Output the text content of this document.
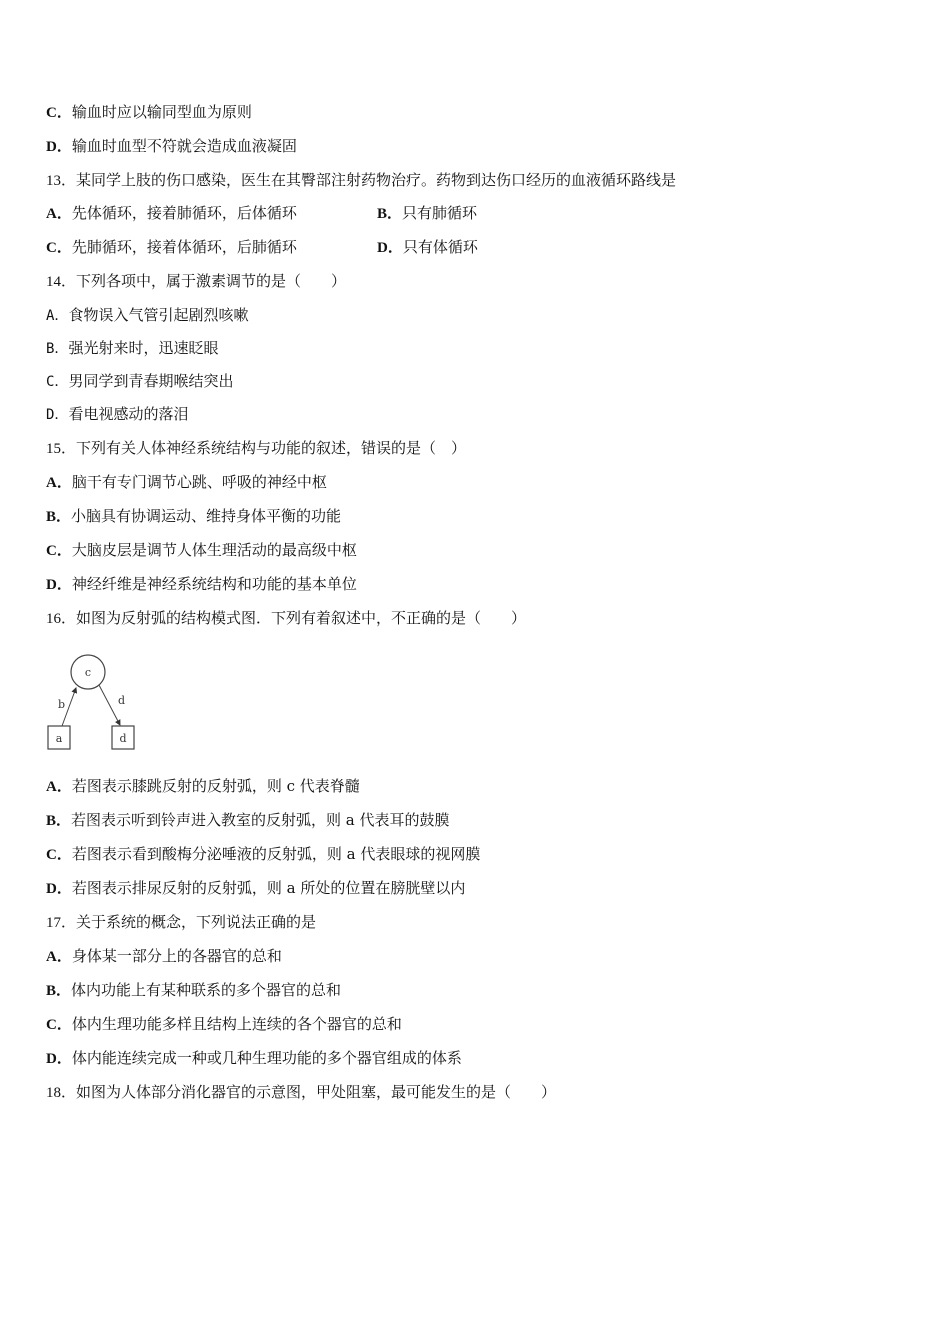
C．输血时应以输同型血为原则
D．输血时血型不符就会造成血液凝固
13．某同学上肢的伤口感染，医生在其臀部注射药物治疗。药物到达伤口经历的血液循环路线是
A．先体循环，接着肺循环，后体循环	B．只有肺循环
C．先肺循环，接着体循环，后肺循环	D．只有体循环
14．下列各项中，属于激素调节的是（　　）
A．食物误入气管引起剧烈咳嗽
B．强光射来时，迅速眨眼
C．男同学到青春期喉结突出
D．看电视感动的落泪
15．下列有关人体神经系统结构与功能的叙述，错误的是（　）
A．脑干有专门调节心跳、呼吸的神经中枢
B．小脑具有协调运动、维持身体平衡的功能
C．大脑皮层是调节人体生理活动的最高级中枢
D．神经纤维是神经系统结构和功能的基本单位
16．如图为反射弧的结构模式图．下列有着叙述中，不正确的是（　　）
c
a	d
b	d
A．若图表示膝跳反射的反射弧，则 c 代表脊髓
B．若图表示听到铃声进入教室的反射弧，则 a 代表耳的鼓膜
C．若图表示看到酸梅分泌唾液的反射弧，则 a 代表眼球的视网膜
D．若图表示排尿反射的反射弧，则 a 所处的位置在膀胱壁以内
17．关于系统的概念，下列说法正确的是
A．身体某一部分上的各器官的总和
B．体内功能上有某种联系的多个器官的总和
C．体内生理功能多样且结构上连续的各个器官的总和
D．体内能连续完成一种或几种生理功能的多个器官组成的体系
18．如图为人体部分消化器官的示意图，甲处阻塞，最可能发生的是（　　）
